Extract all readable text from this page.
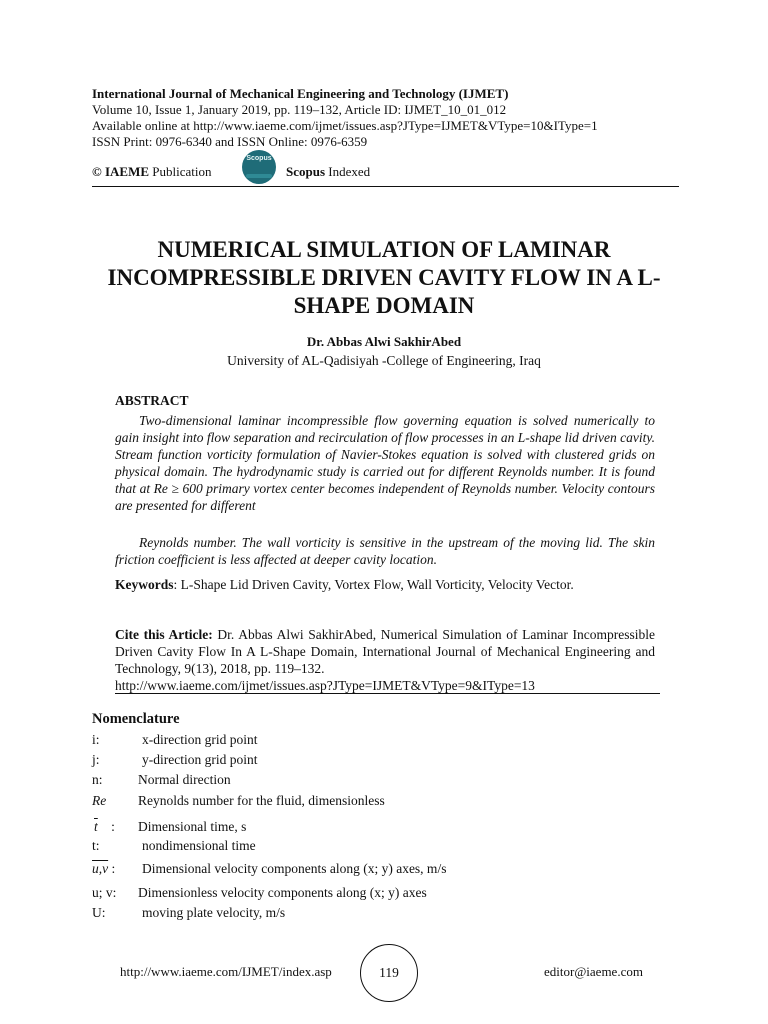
International Journal of Mechanical Engineering and Technology (IJMET)
Volume 10, Issue 1, January 2019, pp. 119–132, Article ID: IJMET_10_01_012
Available online at http://www.iaeme.com/ijmet/issues.asp?JType=IJMET&VType=10&IType=1
ISSN Print: 0976-6340 and ISSN Online: 0976-6359
© IAEME Publication
Scopus
Scopus Indexed
NUMERICAL SIMULATION OF LAMINAR INCOMPRESSIBLE DRIVEN CAVITY FLOW IN A L-SHAPE DOMAIN
Dr. Abbas Alwi SakhirAbed
University of AL-Qadisiyah -College of Engineering, Iraq
ABSTRACT
Two-dimensional laminar incompressible flow governing equation is solved numerically to gain insight into flow separation and recirculation of flow processes in an L-shape lid driven cavity. Stream function vorticity formulation of Navier-Stokes equation is solved with clustered grids on physical domain. The hydrodynamic study is carried out for different Reynolds number. It is found that at Re ≥ 600 primary vortex center becomes independent of Reynolds number. Velocity contours are presented for different
Reynolds number. The wall vorticity is sensitive in the upstream of the moving lid. The skin friction coefficient is less affected at deeper cavity location.
Keywords: L-Shape Lid Driven Cavity, Vortex Flow, Wall Vorticity, Velocity Vector.
Cite this Article: Dr. Abbas Alwi SakhirAbed, Numerical Simulation of Laminar Incompressible Driven Cavity Flow In A L-Shape Domain, International Journal of Mechanical Engineering and Technology, 9(13), 2018, pp. 119–132.
http://www.iaeme.com/ijmet/issues.asp?JType=IJMET&VType=9&IType=13
Nomenclature
i:	x-direction grid point
j:	y-direction grid point
n:	Normal direction
Re Reynolds number for the fluid, dimensionless
$\overline{t}$ : Dimensional time, s
t:	nondimensional time
u,v : Dimensional velocity components along (x; y) axes, m/s
u; v: Dimensionless velocity components along (x; y) axes
U:	moving plate velocity, m/s
http://www.iaeme.com/IJMET/index.asp	119	editor@iaeme.com
